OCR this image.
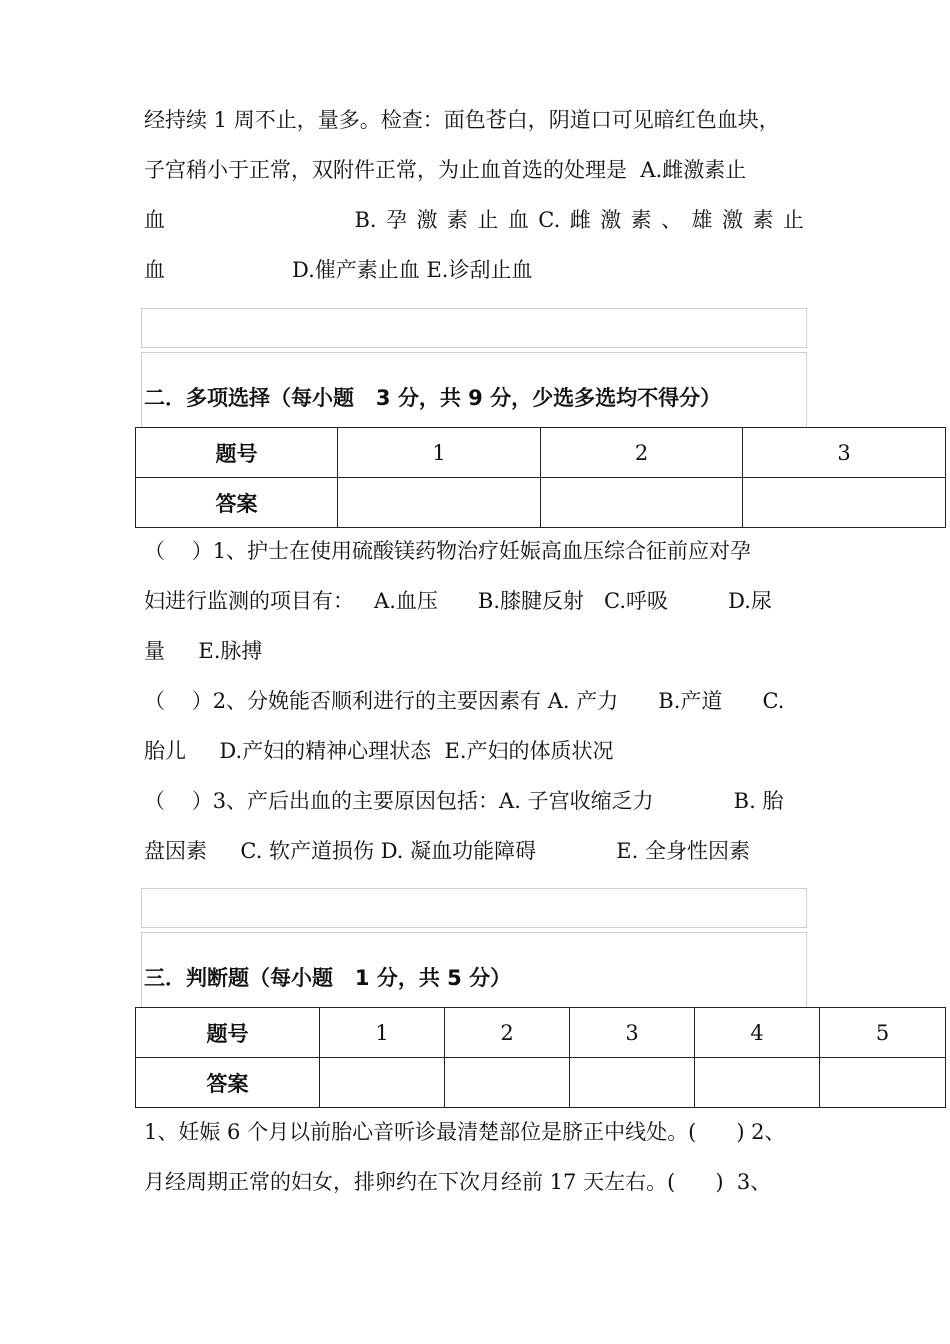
经持续 1 周不止，量多。检查：面色苍白，阴道口可见暗红色血块，
子宫稍小于正常，双附件正常，为止血首选的处理是  A.雌激素止
血	B. 孕 激 素 止 血 C. 雌 激 素 、 雄 激 素 止
血	D.催产素止血 E.诊刮止血
二．多项选择（每小题   3 分，共 9 分，少选多选均不得分）
题号	1	2	3
答案			
（    ）1、护士在使用硫酸镁药物治疗妊娠高血压综合征前应对孕
妇进行监测的项目有：   A.血压      B.膝腱反射   C.呼吸         D.尿
量     E.脉搏
（    ）2、分娩能否顺利进行的主要因素有 A. 产力      B.产道      C.
胎儿     D.产妇的精神心理状态  E.产妇的体质状况
（    ）3、产后出血的主要原因包括：A. 子宫收缩乏力            B. 胎
盘因素     C. 软产道损伤 D. 凝血功能障碍            E. 全身性因素
三．判断题（每小题   1 分，共 5 分）
题号	1	2	3	4	5
答案					
1、妊娠 6 个月以前胎心音听诊最清楚部位是脐正中线处。(      ) 2、
月经周期正常的妇女，排卵约在下次月经前 17 天左右。(      )  3、
